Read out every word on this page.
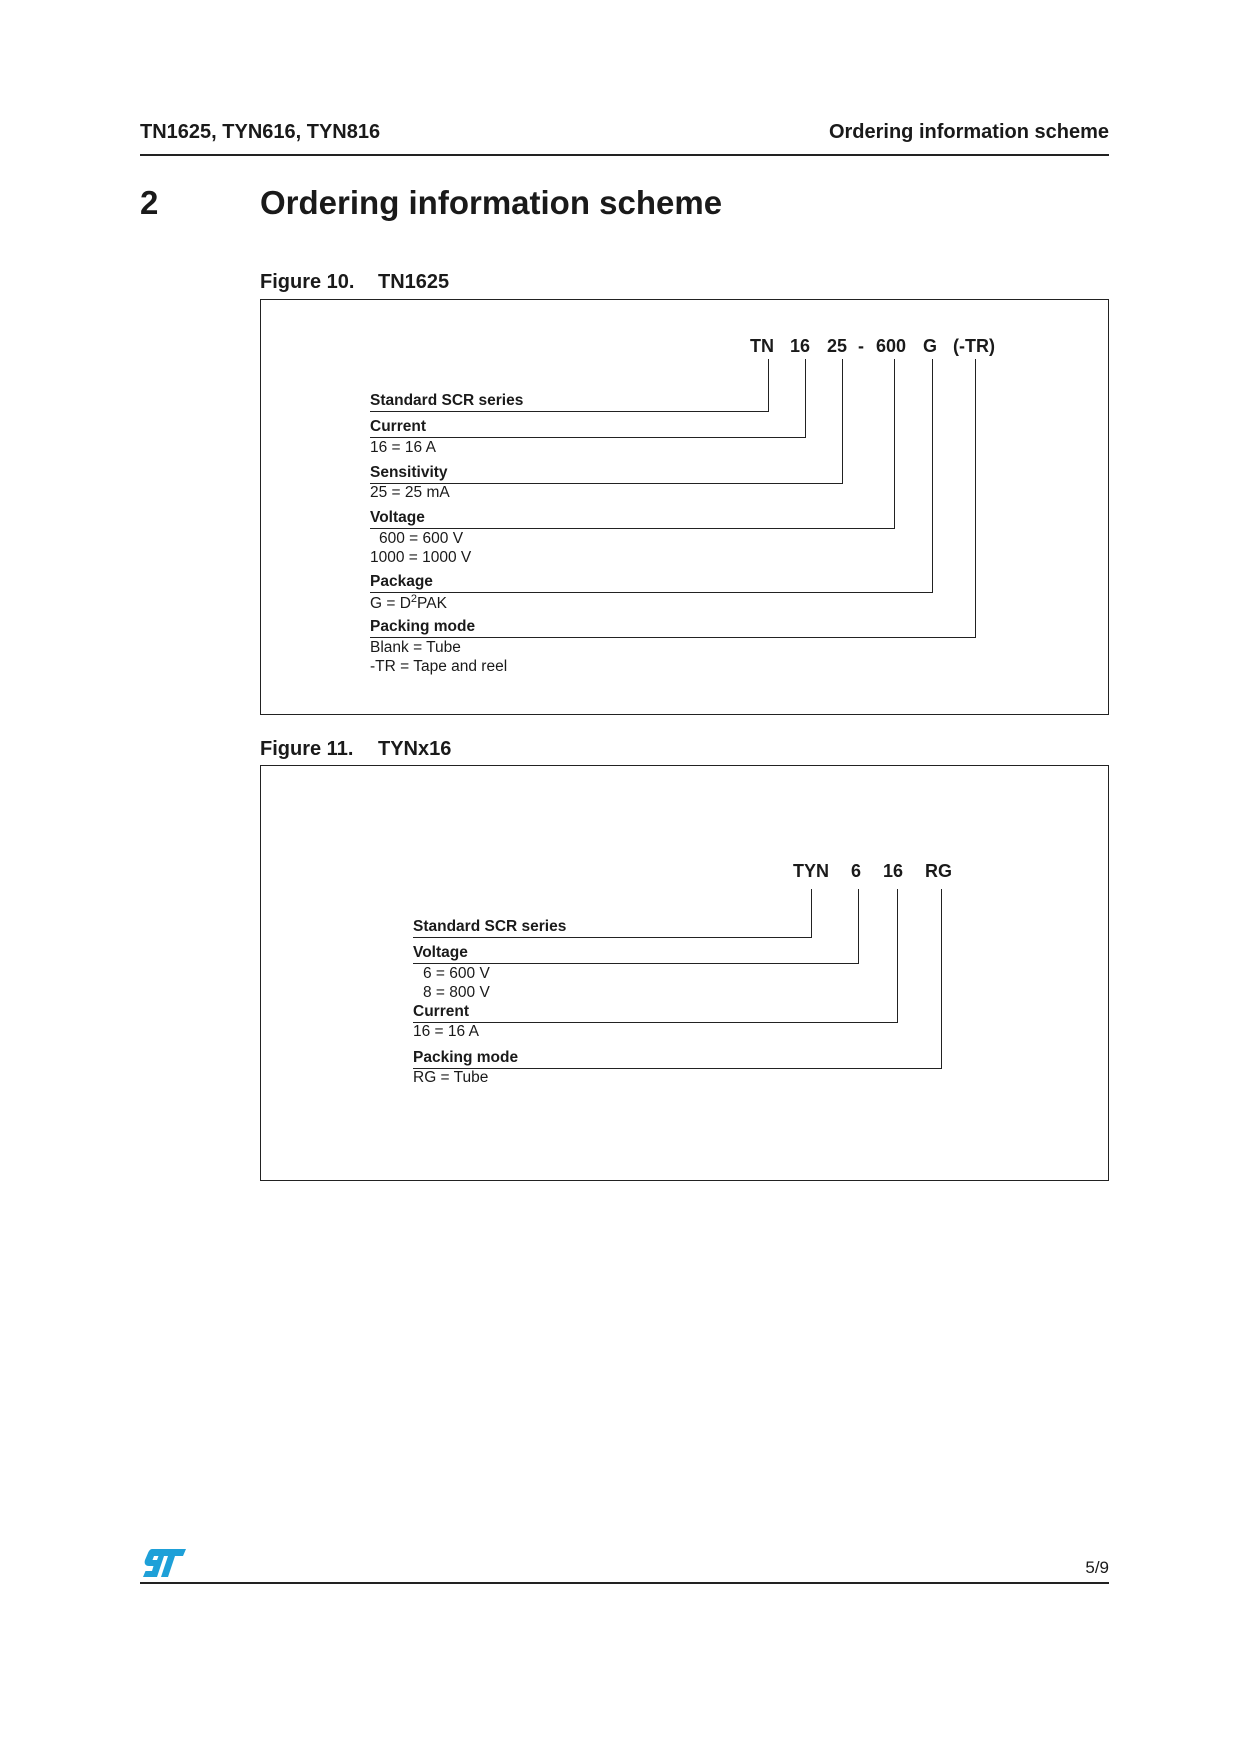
TN1625, TYN616, TYN816	Ordering information scheme
2	Ordering information scheme
Figure 10. TN1625
TN 16 25 - 600 G (-TR)
Standard SCR series
Current
16 = 16 A
Sensitivity
25 = 25 mA
Voltage
600 = 600 V
1000 = 1000 V
Package
$G = D^2PAK$
Packing mode
Blank = Tube
-TR = Tape and reel
Figure 11. TYNx16
TYN 6 16 RG
Standard SCR series
Voltage
6 = 600 V
8 = 800 V
Current
16 = 16 A
Packing mode
RG = Tube
5/9
